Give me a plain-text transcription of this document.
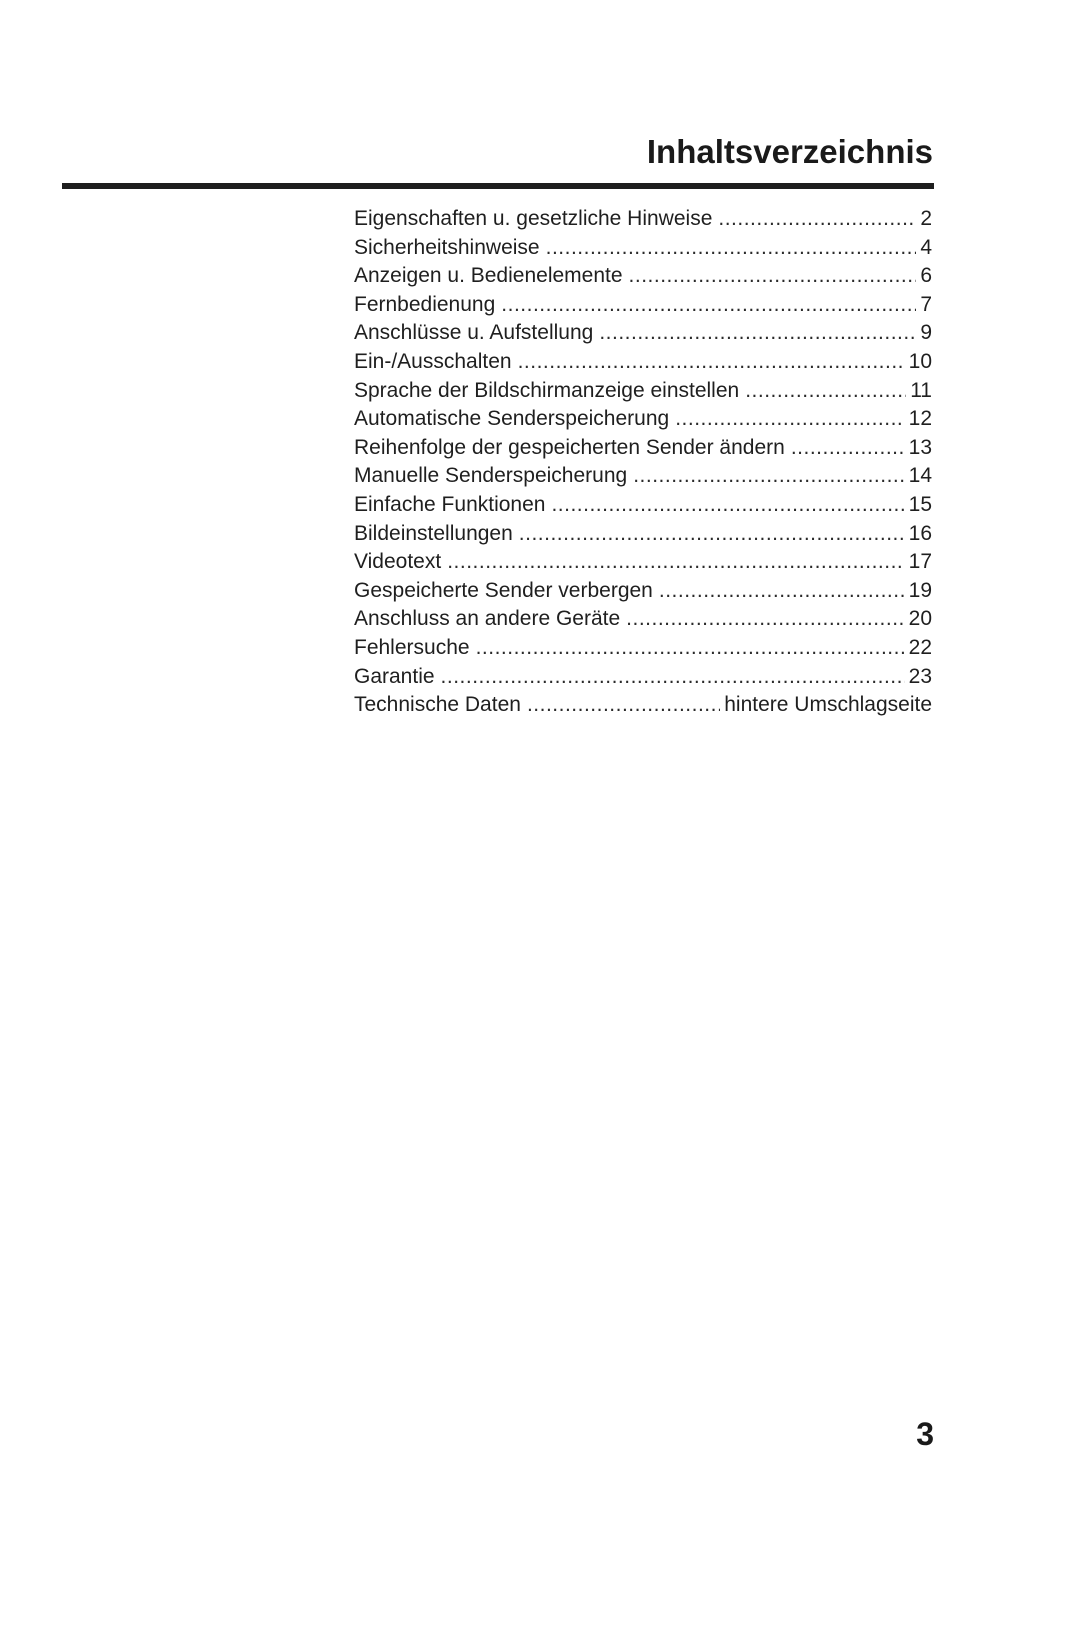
Inhaltsverzeichnis
Eigenschaften u. gesetzliche Hinweise .....	2
Sicherheitshinweise .....	4
Anzeigen u. Bedienelemente .....	6
Fernbedienung .....	7
Anschlüsse u. Aufstellung .....	9
Ein-/Ausschalten .....	10
Sprache der Bildschirmanzeige einstellen .....	11
Automatische Senderspeicherung .....	12
Reihenfolge der gespeicherten Sender ändern .....	13
Manuelle Senderspeicherung .....	14
Einfache Funktionen .....	15
Bildeinstellungen .....	16
Videotext .....	17
Gespeicherte Sender verbergen .....	19
Anschluss an andere Geräte .....	20
Fehlersuche .....	22
Garantie .....	23
Technische Daten .....	hintere Umschlagseite
3
